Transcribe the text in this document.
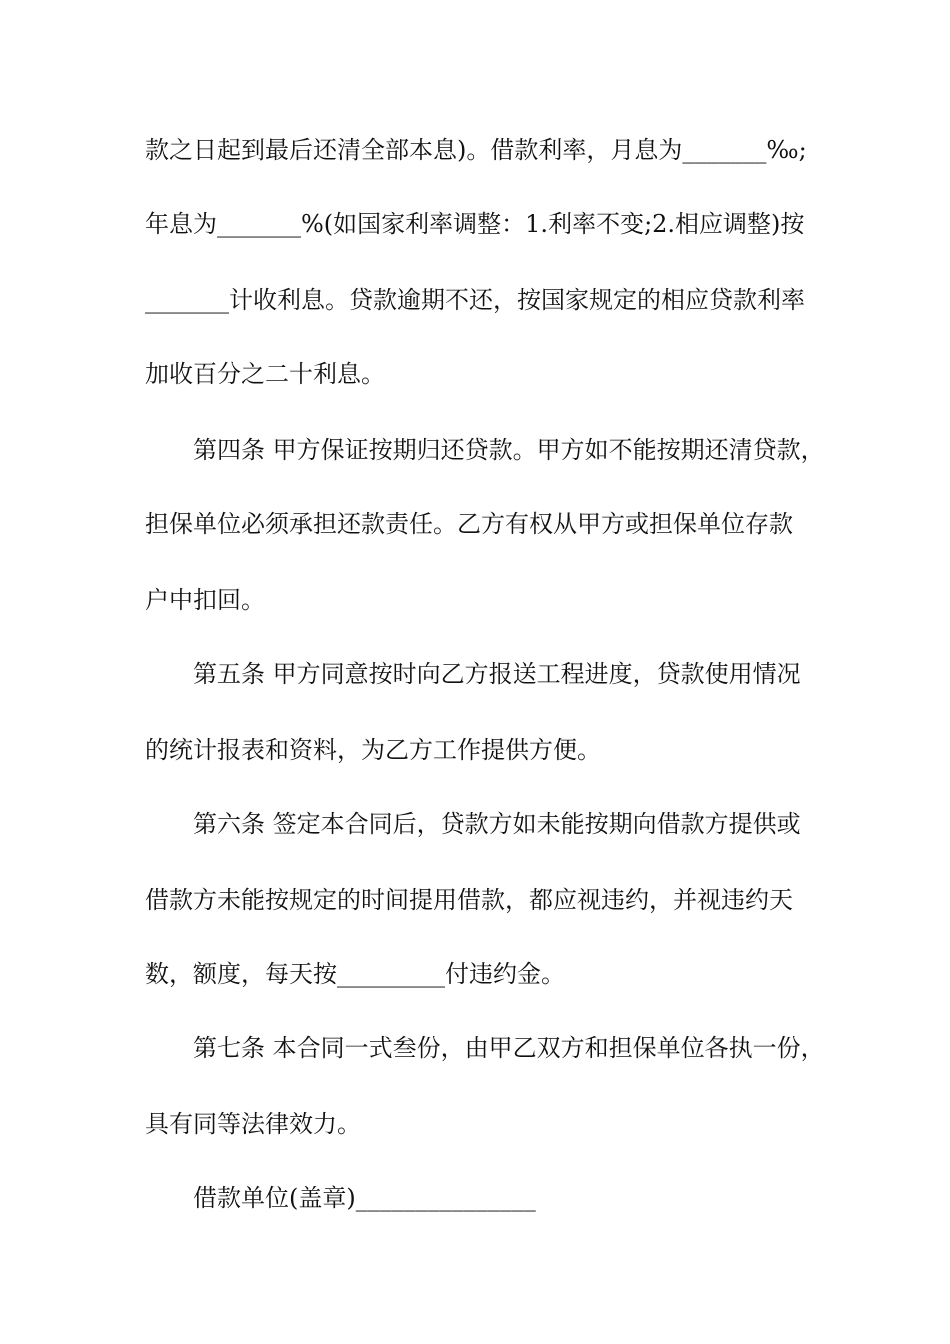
款之日起到最后还清全部本息)。借款利率，月息为_______‰;
年息为_______%(如国家利率调整：1.利率不变;2.相应调整)按
_______计收利息。贷款逾期不还，按国家规定的相应贷款利率
加收百分之二十利息。
第四条 甲方保证按期归还贷款。甲方如不能按期还清贷款，
担保单位必须承担还款责任。乙方有权从甲方或担保单位存款
户中扣回。
第五条 甲方同意按时向乙方报送工程进度，贷款使用情况
的统计报表和资料，为乙方工作提供方便。
第六条 签定本合同后，贷款方如未能按期向借款方提供或
借款方未能按规定的时间提用借款，都应视违约，并视违约天
数，额度，每天按_________付违约金。
第七条 本合同一式叁份，由甲乙双方和担保单位各执一份，
具有同等法律效力。
借款单位(盖章)_______________
